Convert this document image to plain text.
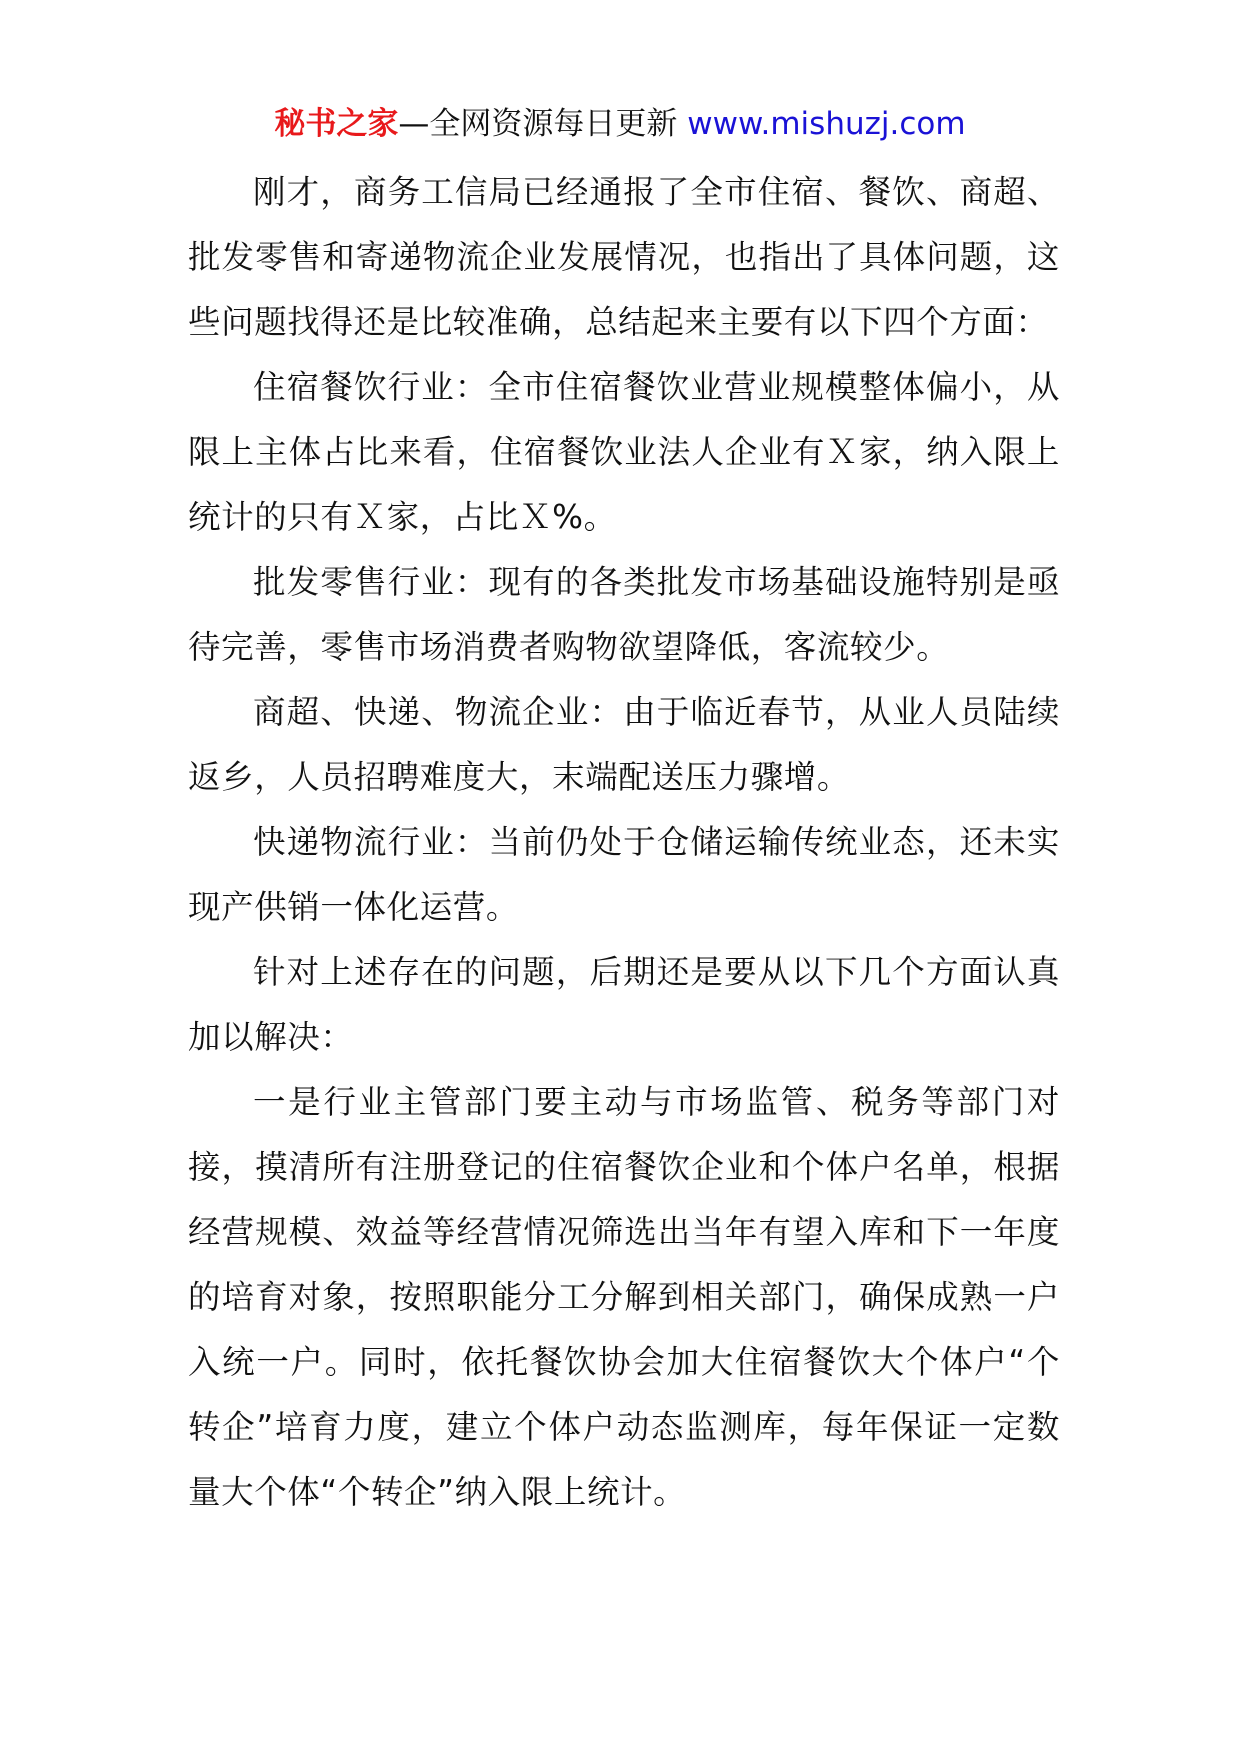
秘书之家—全网资源每日更新 www.mishuzj.com

刚才，商务工信局已经通报了全市住宿、餐饮、商超、批发零售和寄递物流企业发展情况，也指出了具体问题，这些问题找得还是比较准确，总结起来主要有以下四个方面：

住宿餐饮行业：全市住宿餐饮业营业规模整体偏小，从限上主体占比来看，住宿餐饮业法人企业有Ｘ家，纳入限上统计的只有Ｘ家，占比Ｘ%。

批发零售行业：现有的各类批发市场基础设施特别是亟待完善，零售市场消费者购物欲望降低，客流较少。

商超、快递、物流企业：由于临近春节，从业人员陆续返乡，人员招聘难度大，末端配送压力骤增。

快递物流行业：当前仍处于仓储运输传统业态，还未实现产供销一体化运营。

针对上述存在的问题，后期还是要从以下几个方面认真加以解决：

一是行业主管部门要主动与市场监管、税务等部门对接，摸清所有注册登记的住宿餐饮企业和个体户名单，根据经营规模、效益等经营情况筛选出当年有望入库和下一年度的培育对象，按照职能分工分解到相关部门，确保成熟一户入统一户。同时，依托餐饮协会加大住宿餐饮大个体户“个转企”培育力度，建立个体户动态监测库，每年保证一定数量大个体“个转企”纳入限上统计。
